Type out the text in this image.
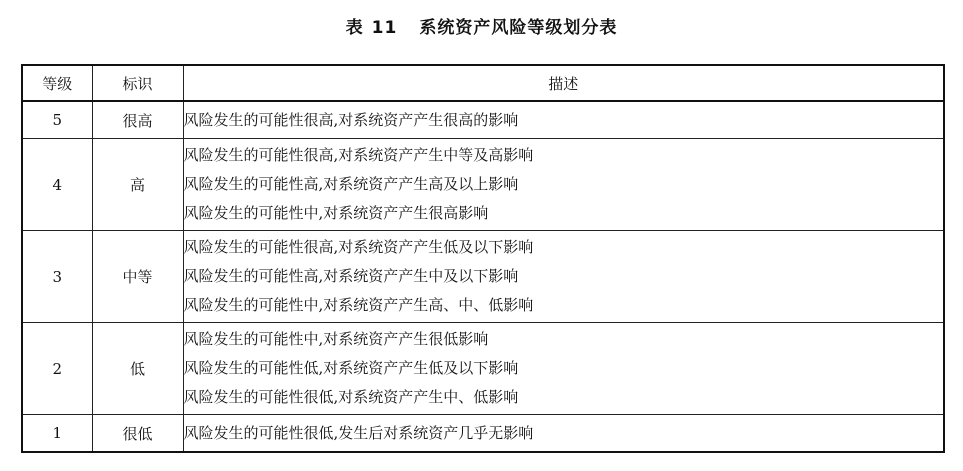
表 11 系统资产风险等级划分表
等级	标识	描述
5	很高	风险发生的可能性很高,对系统资产产生很高的影响

4	高	风险发生的可能性很高,对系统资产产生中等及高影响
风险发生的可能性高,对系统资产产生高及以上影响
风险发生的可能性中,对系统资产产生很高影响

3	中等	风险发生的可能性很高,对系统资产产生低及以下影响
风险发生的可能性高,对系统资产产生中及以下影响
风险发生的可能性中,对系统资产产生高、中、低影响

2	低	风险发生的可能性中,对系统资产产生很低影响
风险发生的可能性低,对系统资产产生低及以下影响
风险发生的可能性很低,对系统资产产生中、低影响

1	很低	风险发生的可能性很低,发生后对系统资产几乎无影响
